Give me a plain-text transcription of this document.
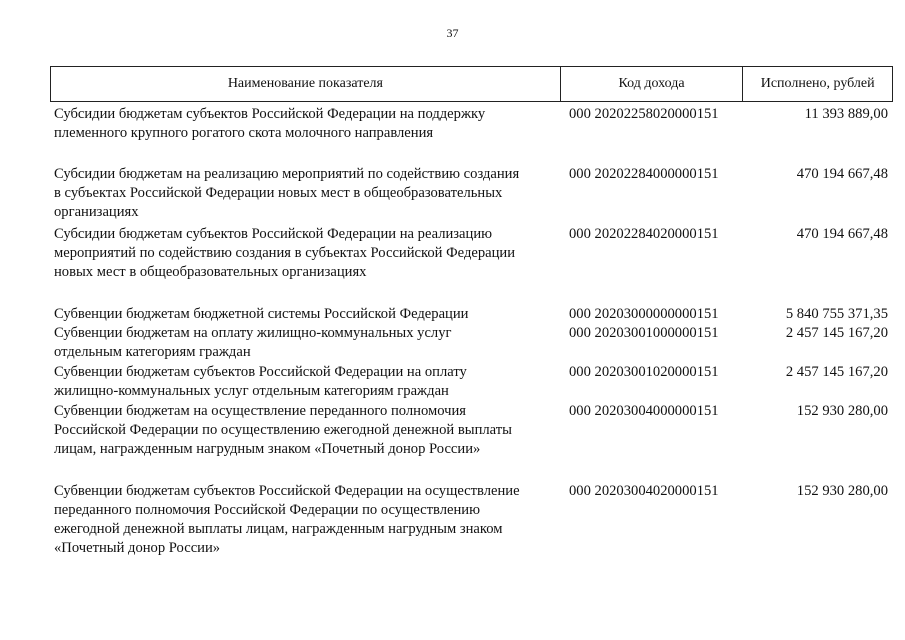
37
Наименование показателя	Код дохода	Исполнено, рублей
Субсидии бюджетам субъектов Российской Федерации на поддержку
племенного крупного рогатого скота молочного направления
000 20202258020000151	11 393 889,00
Субсидии бюджетам на реализацию мероприятий по содействию создания
в субъектах Российской Федерации новых мест в общеобразовательных
организациях
000 20202284000000151	470 194 667,48
Субсидии бюджетам субъектов Российской Федерации на реализацию
мероприятий по содействию создания в субъектах Российской Федерации
новых мест в общеобразовательных организациях
000 20202284020000151	470 194 667,48
Субвенции бюджетам бюджетной системы Российской Федерации	000 20203000000000151	5 840 755 371,35
Субвенции бюджетам на оплату жилищно-коммунальных услуг
отдельным категориям граждан
000 20203001000000151	2 457 145 167,20
Субвенции бюджетам субъектов Российской Федерации на оплату
жилищно-коммунальных услуг отдельным категориям граждан
000 20203001020000151	2 457 145 167,20
Субвенции бюджетам на осуществление переданного полномочия
Российской Федерации по осуществлению ежегодной денежной выплаты
лицам, награжденным нагрудным знаком «Почетный донор России»
000 20203004000000151	152 930 280,00
Субвенции бюджетам субъектов Российской Федерации на осуществление
переданного полномочия Российской Федерации по осуществлению
ежегодной денежной выплаты лицам, награжденным нагрудным знаком
«Почетный донор России»
000 20203004020000151	152 930 280,00
